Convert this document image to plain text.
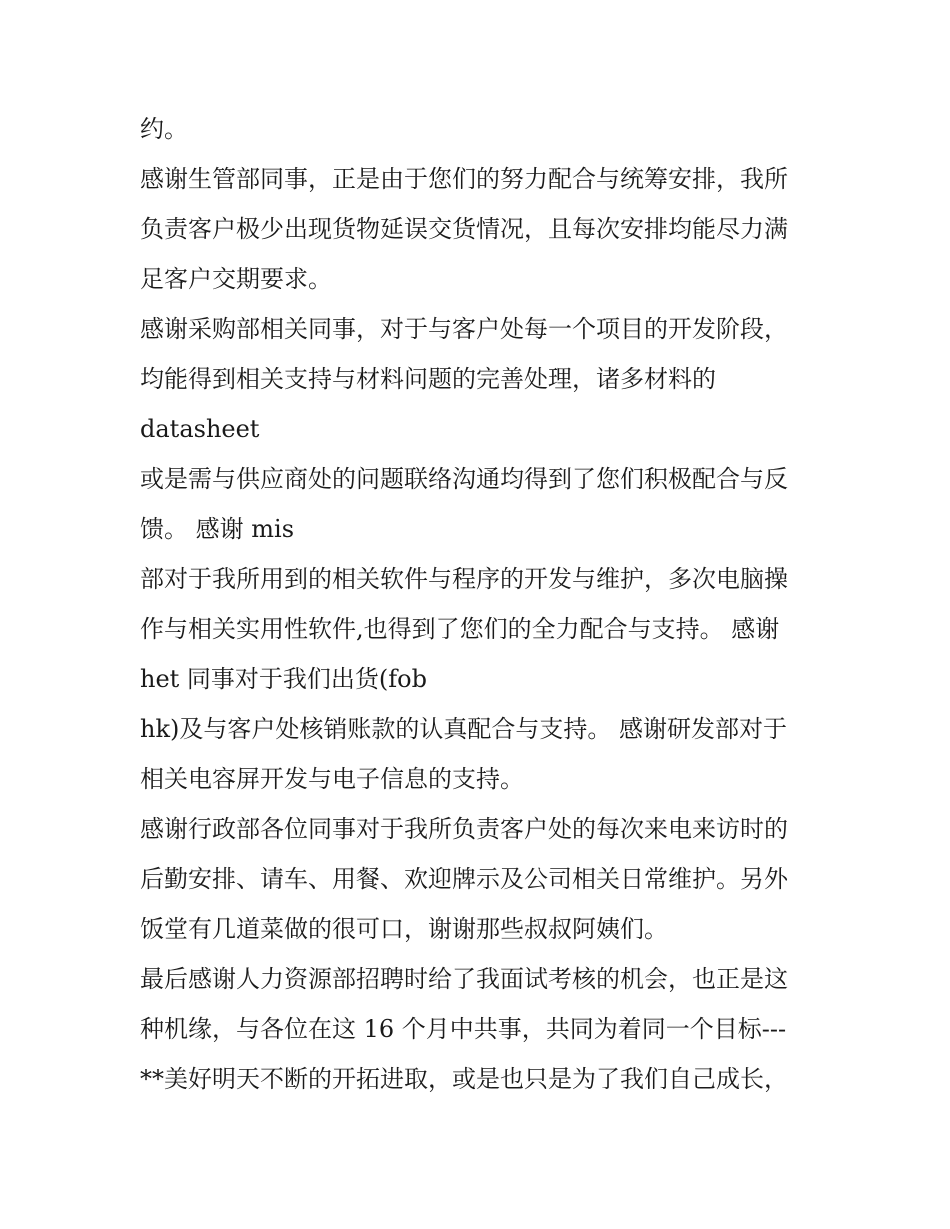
约。
感谢生管部同事，正是由于您们的努力配合与统筹安排，我所
负责客户极少出现货物延误交货情况，且每次安排均能尽力满
足客户交期要求。
感谢采购部相关同事，对于与客户处每一个项目的开发阶段，
均能得到相关支持与材料问题的完善处理，诸多材料的
datasheet
或是需与供应商处的问题联络沟通均得到了您们积极配合与反
馈。 感谢 mis
部对于我所用到的相关软件与程序的开发与维护，多次电脑操
作与相关实用性软件,也得到了您们的全力配合与支持。 感谢
het 同事对于我们出货(fob
hk)及与客户处核销账款的认真配合与支持。 感谢研发部对于
相关电容屏开发与电子信息的支持。
感谢行政部各位同事对于我所负责客户处的每次来电来访时的
后勤安排、请车、用餐、欢迎牌示及公司相关日常维护。另外
饭堂有几道菜做的很可口，谢谢那些叔叔阿姨们。
最后感谢人力资源部招聘时给了我面试考核的机会，也正是这
种机缘，与各位在这 16 个月中共事，共同为着同一个目标---
**美好明天不断的开拓进取，或是也只是为了我们自己成长，
